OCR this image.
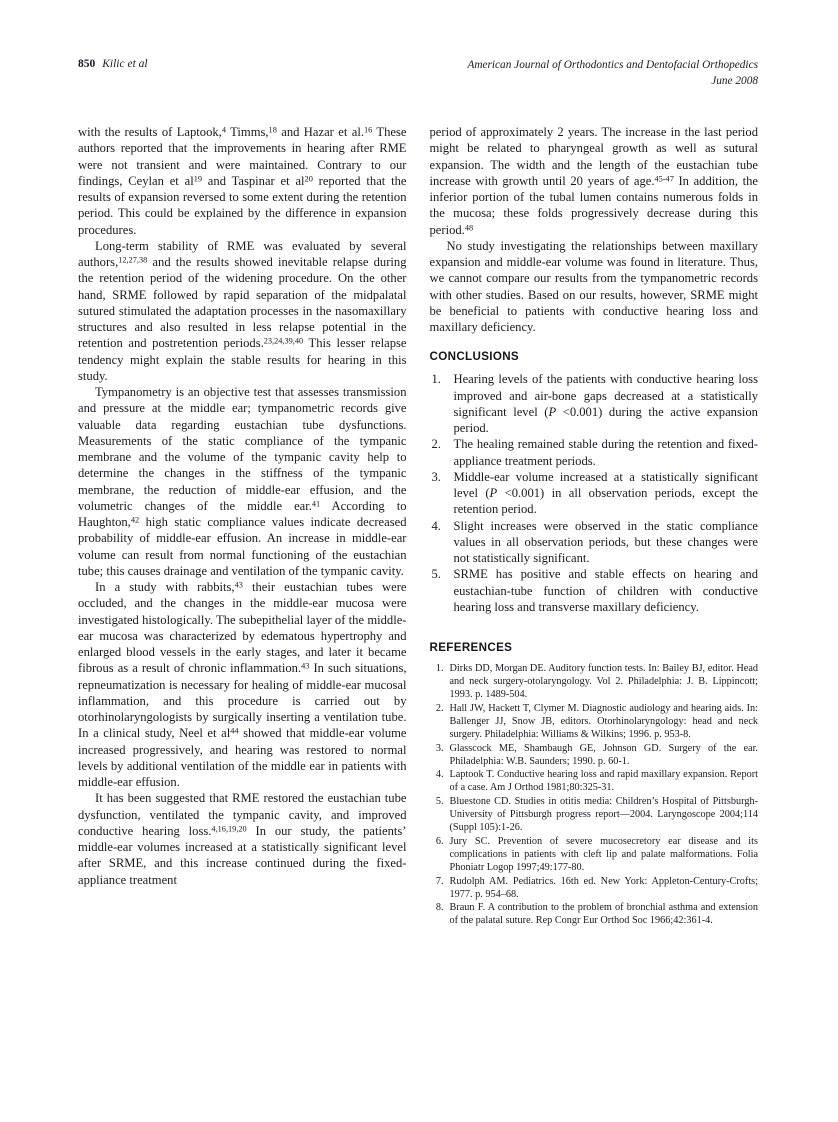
850 Kilic et al	American Journal of Orthodontics and Dentofacial Orthopedics
June 2008

with the results of Laptook,$^4$ Timms,$^{18}$ and Hazar et al.$^{16}$ These authors reported that the improvements in hearing after RME were not transient and were maintained. Contrary to our findings, Ceylan et $al^{19}$ and Taspinar et $al^{20}$ reported that the results of expansion reversed to some extent during the retention period. This could be explained by the difference in expansion procedures.

Long-term stability of RME was evaluated by several authors,$^{12,27,38}$ and the results showed inevitable relapse during the retention period of the widening procedure. On the other hand, SRME followed by rapid separation of the midpalatal sutured stimulated the adaptation processes in the nasomaxillary structures and also resulted in less relapse potential in the retention and postretention periods.$^{23,24,39,40}$ This lesser relapse tendency might explain the stable results for hearing in this study.

Tympanometry is an objective test that assesses transmission and pressure at the middle ear; tympanometric records give valuable data regarding eustachian tube dysfunctions. Measurements of the static compliance of the tympanic membrane and the volume of the tympanic cavity help to determine the changes in the stiffness of the tympanic membrane, the reduction of middle-ear effusion, and the volumetric changes of the middle ear.$^{41}$ According to Haughton,$^{42}$ high static compliance values indicate decreased probability of middle-ear effusion. An increase in middle-ear volume can result from normal functioning of the eustachian tube; this causes drainage and ventilation of the tympanic cavity.

In a study with rabbits,$^{43}$ their eustachian tubes were occluded, and the changes in the middle-ear mucosa were investigated histologically. The subepithelial layer of the middle-ear mucosa was characterized by edematous hypertrophy and enlarged blood vessels in the early stages, and later it became fibrous as a result of chronic inflammation.$^{43}$ In such situations, repneumatization is necessary for healing of middle-ear mucosal inflammation, and this procedure is carried out by otorhinolaryngologists by surgically inserting a ventilation tube. In a clinical study, Neel et $al^{44}$ showed that middle-ear volume increased progressively, and hearing was restored to normal levels by additional ventilation of the middle ear in patients with middle-ear effusion.

It has been suggested that RME restored the eustachian tube dysfunction, ventilated the tympanic cavity, and improved conductive hearing loss.$^{4,16,19,20}$ In our study, the patients’ middle-ear volumes increased at a statistically significant level after SRME, and this increase continued during the fixed-appliance treatment

period of approximately 2 years. The increase in the last period might be related to pharyngeal growth as well as sutural expansion. The width and the length of the eustachian tube increase with growth until 20 years of age.$^{45-47}$ In addition, the inferior portion of the tubal lumen contains numerous folds in the mucosa; these folds progressively decrease during this period.$^{48}$

No study investigating the relationships between maxillary expansion and middle-ear volume was found in literature. Thus, we cannot compare our results from the tympanometric records with other studies. Based on our results, however, SRME might be beneficial to patients with conductive hearing loss and maxillary deficiency.

CONCLUSIONS
1. Hearing levels of the patients with conductive hearing loss improved and air-bone gaps decreased at a statistically significant level (P <0.001) during the active expansion period.
2. The healing remained stable during the retention and fixed-appliance treatment periods.
3. Middle-ear volume increased at a statistically significant level (P <0.001) in all observation periods, except the retention period.
4. Slight increases were observed in the static compliance values in all observation periods, but these changes were not statistically significant.
5. SRME has positive and stable effects on hearing and eustachian-tube function of children with conductive hearing loss and transverse maxillary deficiency.
REFERENCES
1. Dirks DD, Morgan DE. Auditory function tests. In: Bailey BJ, editor. Head and neck surgery-otolaryngology. Vol 2. Philadelphia: J. B. Lippincott; 1993. p. 1489-504.
2. Hall JW, Hackett T, Clymer M. Diagnostic audiology and hearing aids. In: Ballenger JJ, Snow JB, editors. Otorhinolaryngology: head and neck surgery. Philadelphia: Williams & Wilkins; 1996. p. 953-8.
3. Glasscock ME, Shambaugh GE, Johnson GD. Surgery of the ear. Philadelphia: W.B. Saunders; 1990. p. 60-1.
4. Laptook T. Conductive hearing loss and rapid maxillary expansion. Report of a case. Am J Orthod 1981;80:325-31.
5. Bluestone CD. Studies in otitis media: Children’s Hospital of Pittsburgh-University of Pittsburgh progress report—2004. Laryngoscope 2004;114 (Suppl 105):1-26.
6. Jury SC. Prevention of severe mucosecretory ear disease and its complications in patients with cleft lip and palate malformations. Folia Phoniatr Logop 1997;49:177-80.
7. Rudolph AM. Pediatrics. 16th ed. New York: Appleton-Century-Crofts; 1977. p. 954–68.
8. Braun F. A contribution to the problem of bronchial asthma and extension of the palatal suture. Rep Congr Eur Orthod Soc 1966;42:361-4.
